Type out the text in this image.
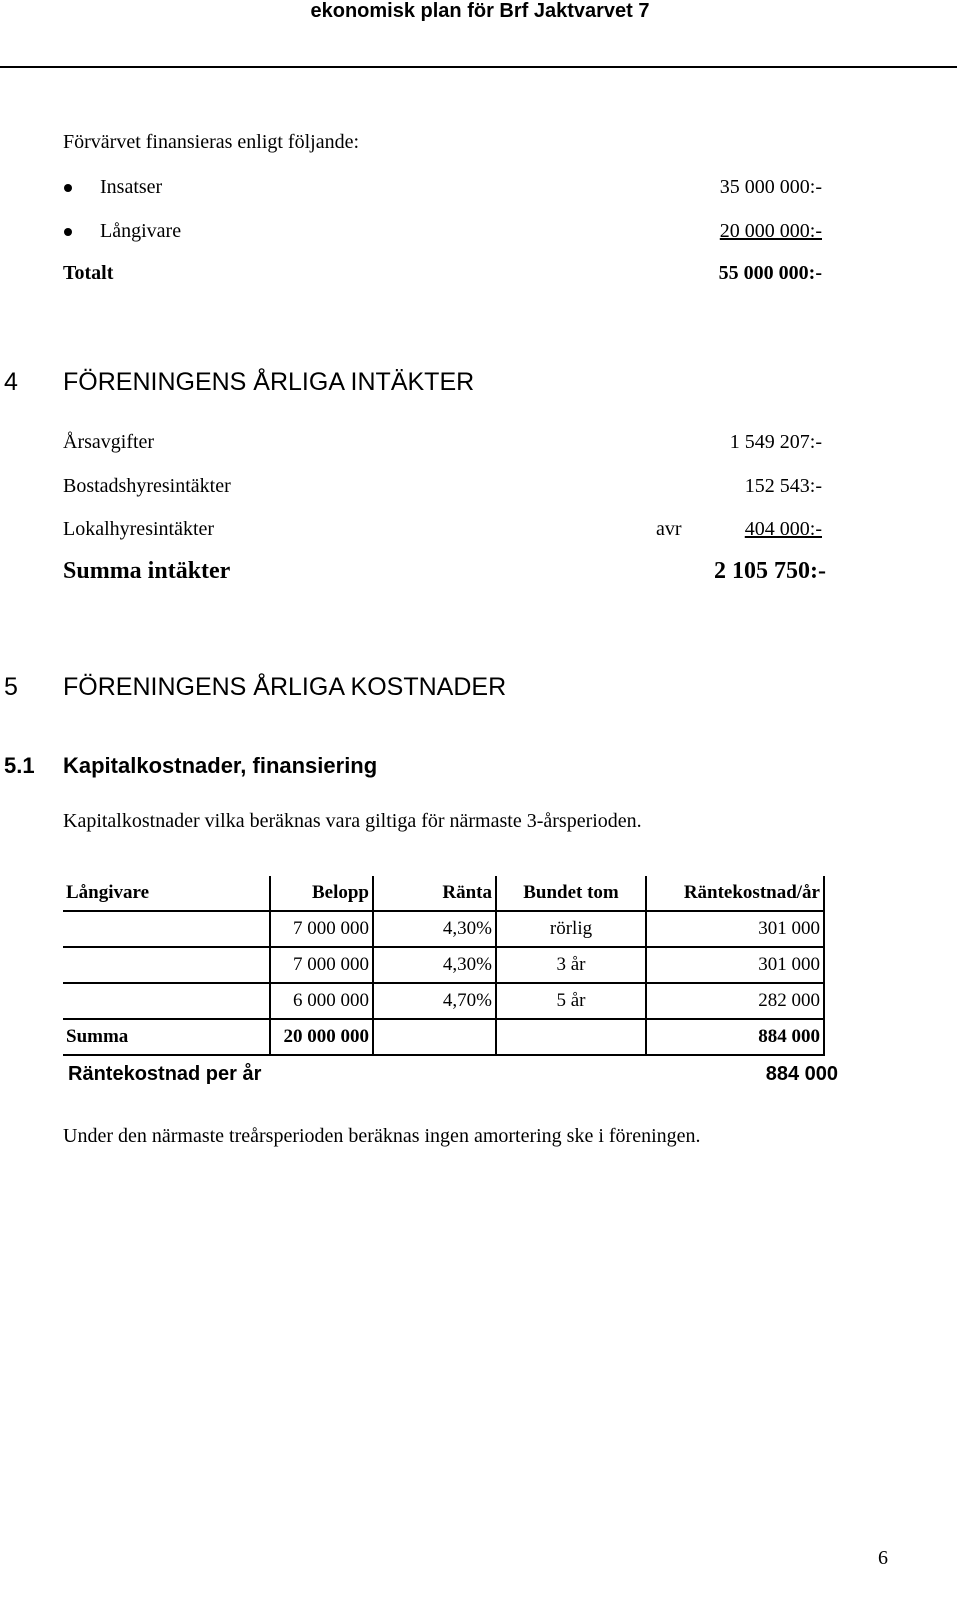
ekonomisk plan för Brf Jaktvarvet 7
Förvärvet finansieras enligt följande:
Insatser	35 000 000:-
Långivare	20 000 000:-
Totalt	55 000 000:-
4 FÖRENINGENS ÅRLIGA INTÄKTER
Årsavgifter	1 549 207:-
Bostadshyresintäkter	152 543:-
Lokalhyresintäkter	avr	404 000:-
Summa intäkter	2 105 750:-
5 FÖRENINGENS ÅRLIGA KOSTNADER
5.1 Kapitalkostnader, finansiering
Kapitalkostnader vilka beräknas vara giltiga för närmaste 3-årsperioden.
Långivare	Belopp	Ränta	Bundet tom	Räntekostnad/år
	7 000 000	4,30%	rörlig	301 000
	7 000 000	4,30%	3 år	301 000
	6 000 000	4,70%	5 år	282 000
Summa	20 000 000			884 000
Räntekostnad per år	884 000
Under den närmaste treårsperioden beräknas ingen amortering ske i föreningen.
6
